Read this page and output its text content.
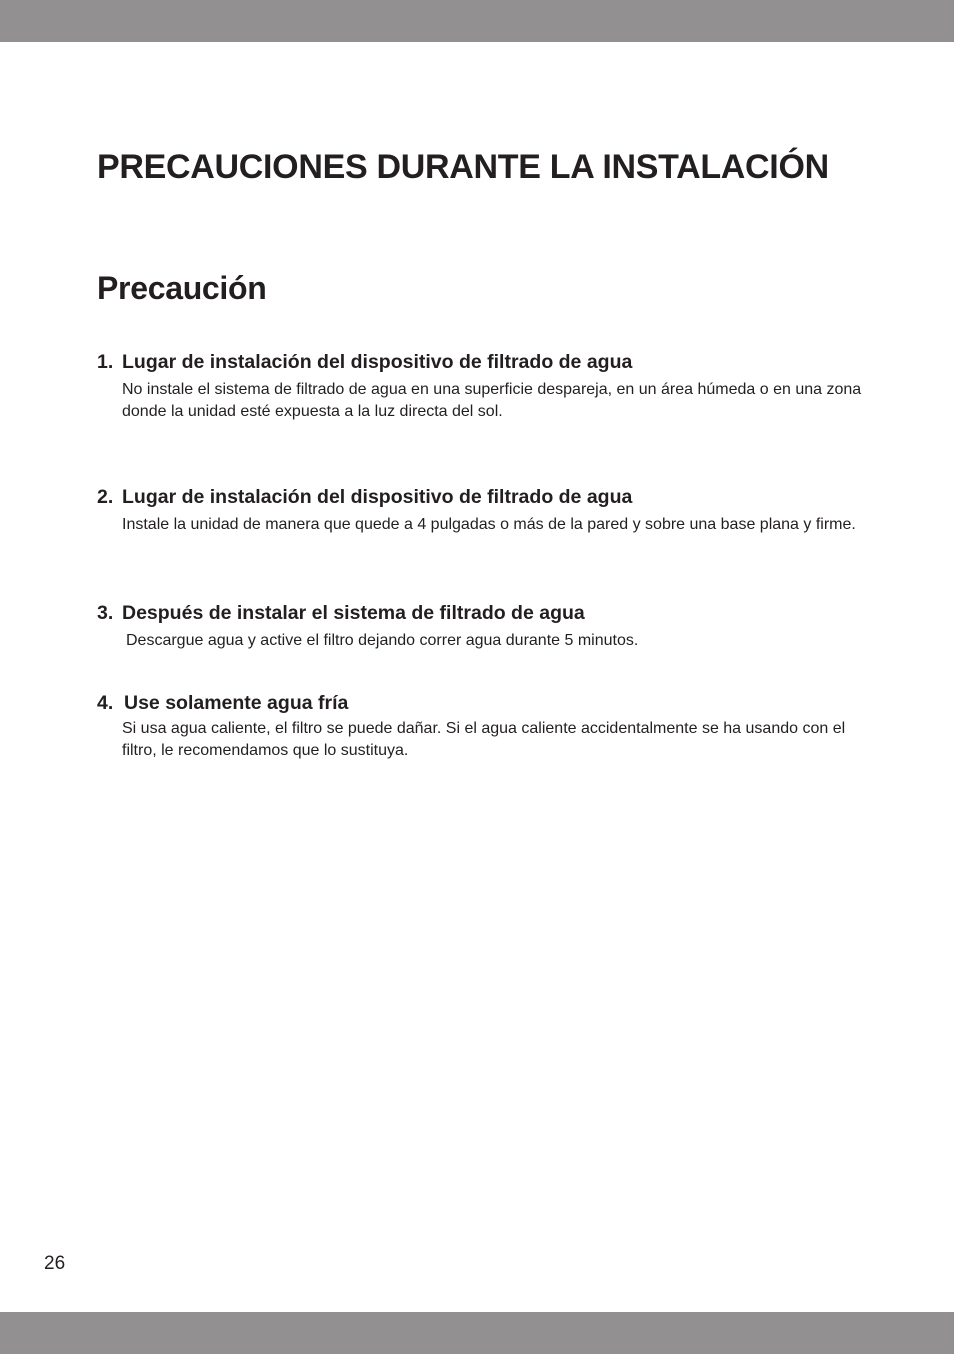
PRECAUCIONES DURANTE LA INSTALACIÓN
Precaución
1. Lugar de instalación del dispositivo de filtrado de agua

No instale el sistema de filtrado de agua en una superficie despareja, en un área húmeda o en una zona donde la unidad esté expuesta a la luz directa del sol.

2. Lugar de instalación del dispositivo de filtrado de agua

Instale la unidad de manera que quede a 4 pulgadas o más de la pared y sobre una base plana y firme.

3. Después de instalar el sistema de filtrado de agua

Descargue agua y active el filtro dejando correr agua durante 5 minutos.

4. Use solamente agua fría

Si usa agua caliente, el filtro se puede dañar. Si el agua caliente accidentalmente se ha usando con el filtro, le recomendamos que lo sustituya.

26
